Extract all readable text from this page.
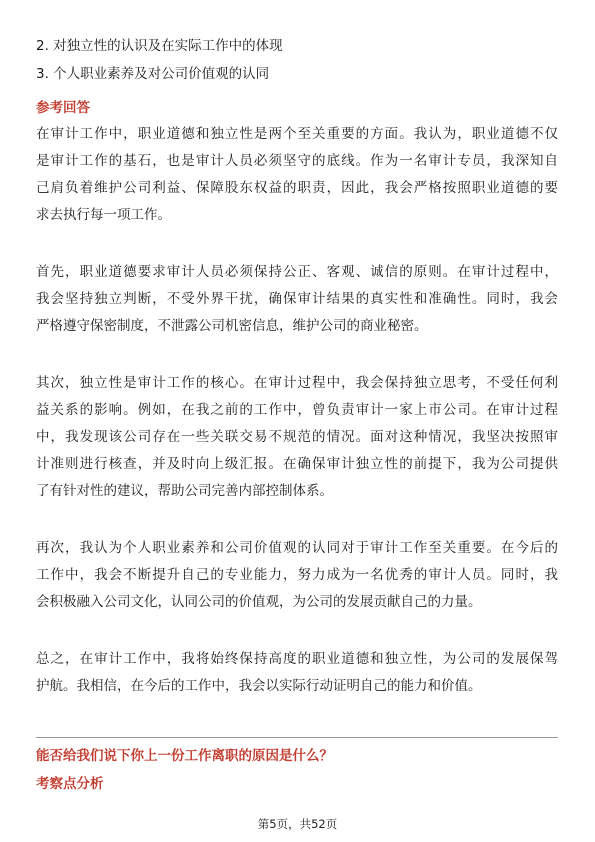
2. 对独立性的认识及在实际工作中的体现
3. 个人职业素养及对公司价值观的认同
参考回答
在审计工作中，职业道德和独立性是两个至关重要的方面。我认为，职业道德不仅
是审计工作的基石，也是审计人员必须坚守的底线。作为一名审计专员，我深知自
己肩负着维护公司利益、保障股东权益的职责，因此，我会严格按照职业道德的要
求去执行每一项工作。
首先，职业道德要求审计人员必须保持公正、客观、诚信的原则。在审计过程中，
我会坚持独立判断，不受外界干扰，确保审计结果的真实性和准确性。同时，我会
严格遵守保密制度，不泄露公司机密信息，维护公司的商业秘密。
其次，独立性是审计工作的核心。在审计过程中，我会保持独立思考，不受任何利
益关系的影响。例如，在我之前的工作中，曾负责审计一家上市公司。在审计过程
中，我发现该公司存在一些关联交易不规范的情况。面对这种情况，我坚决按照审
计准则进行核查，并及时向上级汇报。在确保审计独立性的前提下，我为公司提供
了有针对性的建议，帮助公司完善内部控制体系。
再次，我认为个人职业素养和公司价值观的认同对于审计工作至关重要。在今后的
工作中，我会不断提升自己的专业能力，努力成为一名优秀的审计人员。同时，我
会积极融入公司文化，认同公司的价值观，为公司的发展贡献自己的力量。
总之，在审计工作中，我将始终保持高度的职业道德和独立性，为公司的发展保驾
护航。我相信，在今后的工作中，我会以实际行动证明自己的能力和价值。
能否给我们说下你上一份工作离职的原因是什么？
考察点分析
第5页，共52页
